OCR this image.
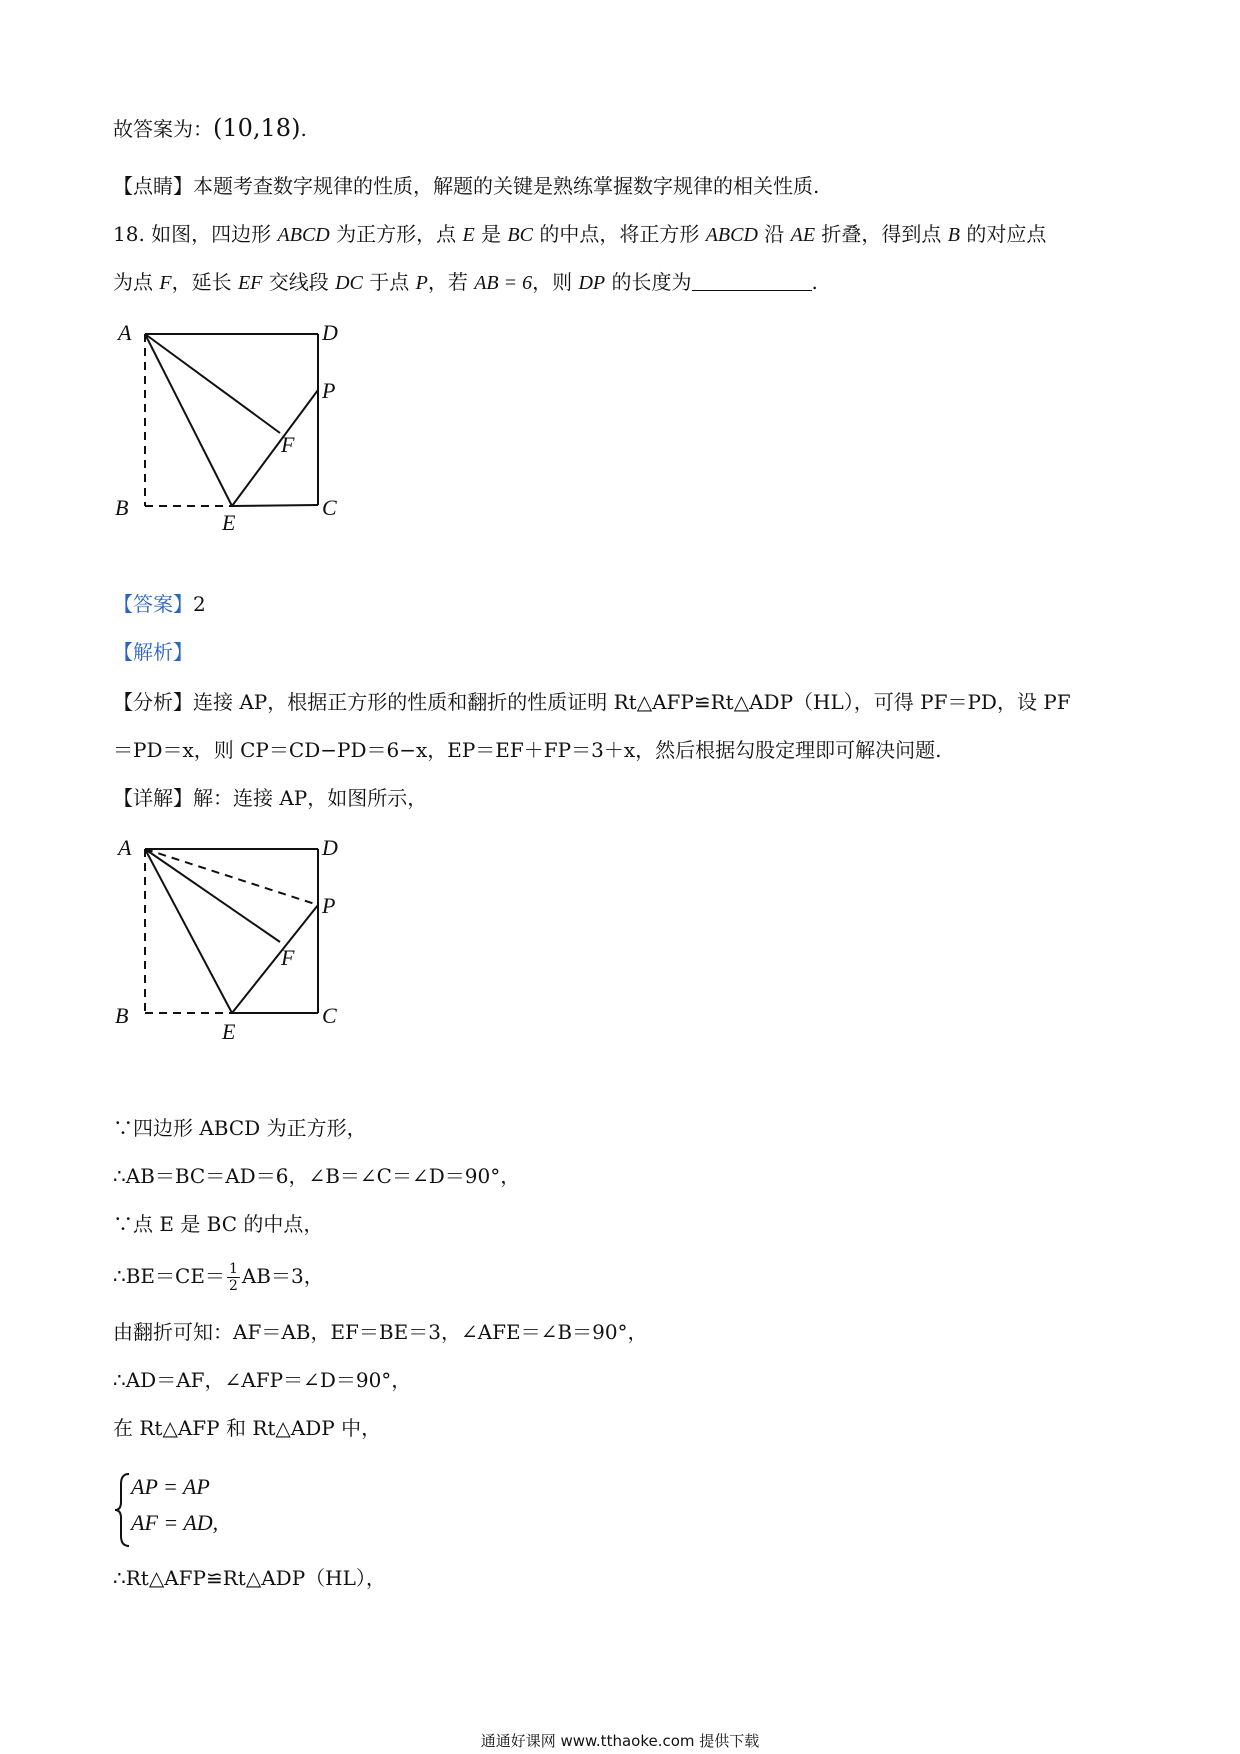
故答案为：(10,18).
【点睛】本题考查数字规律的性质，解题的关键是熟练掌握数字规律的相关性质.
18. 如图，四边形 ABCD 为正方形，点 E 是 BC 的中点，将正方形 ABCD 沿 AE 折叠，得到点 B 的对应点
为点 F，延长 EF 交线段 DC 于点 P，若 AB = 6，则 DP 的长度为	.
A	D
P
F
B	C
E
【答案】2
【解析】
【分析】连接 AP，根据正方形的性质和翻折的性质证明 Rt△AFP≌Rt△ADP（HL），可得 PF＝PD，设 PF
＝PD＝x，则 CP＝CD−PD＝6−x，EP＝EF＋FP＝3＋x，然后根据勾股定理即可解决问题.
【详解】解：连接 AP，如图所示，
A	D
P
F
B	C
E
∵四边形 ABCD 为正方形，
∴AB＝BC＝AD＝6，∠B＝∠C＝∠D＝90°，
∵点 E 是 BC 的中点，
∴BE＝CE＝ $\frac{1}{2} AB=3$，
由翻折可知：AF＝AB，EF＝BE＝3，∠AFE＝∠B＝90°，
∴AD＝AF，∠AFP＝∠D＝90°，
在 Rt△AFP 和 Rt△ADP 中，
AP = AP
AF = AD,
∴Rt△AFP≌Rt△ADP（HL），
通通好课网 www.tthaoke.com 提供下载
